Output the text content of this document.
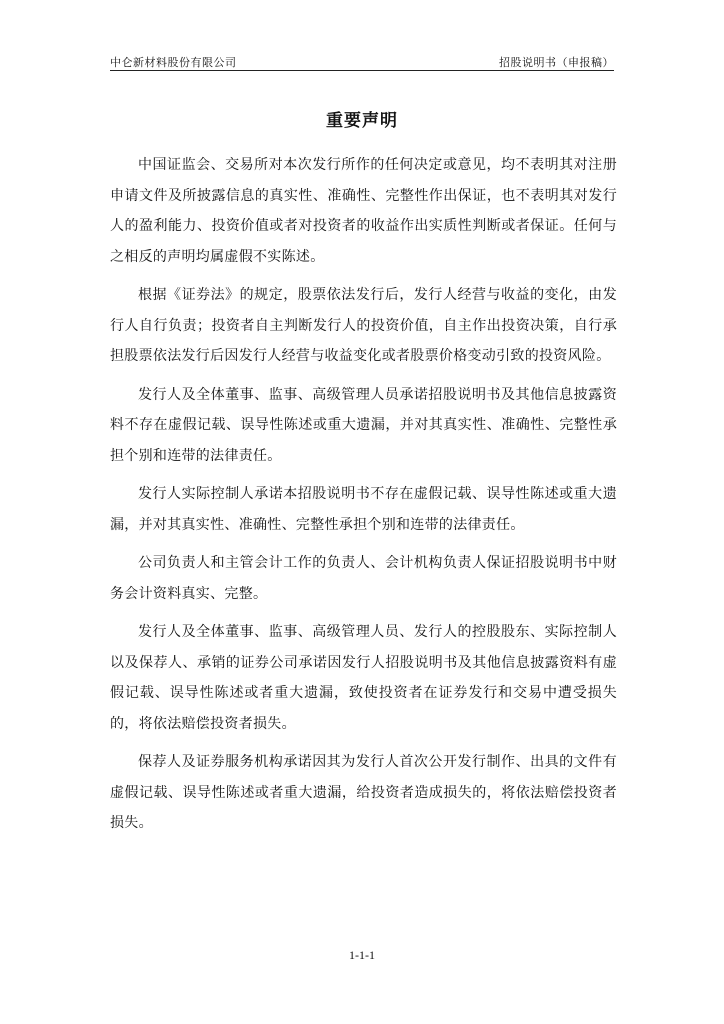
中仑新材料股份有限公司	招股说明书（申报稿）
重要声明

中国证监会、交易所对本次发行所作的任何决定或意见，均不表明其对注册申请文件及所披露信息的真实性、准确性、完整性作出保证，也不表明其对发行人的盈利能力、投资价值或者对投资者的收益作出实质性判断或者保证。任何与之相反的声明均属虚假不实陈述。

根据《证券法》的规定，股票依法发行后，发行人经营与收益的变化，由发行人自行负责；投资者自主判断发行人的投资价值，自主作出投资决策，自行承担股票依法发行后因发行人经营与收益变化或者股票价格变动引致的投资风险。

发行人及全体董事、监事、高级管理人员承诺招股说明书及其他信息披露资料不存在虚假记载、误导性陈述或重大遗漏，并对其真实性、准确性、完整性承担个别和连带的法律责任。

发行人实际控制人承诺本招股说明书不存在虚假记载、误导性陈述或重大遗漏，并对其真实性、准确性、完整性承担个别和连带的法律责任。

公司负责人和主管会计工作的负责人、会计机构负责人保证招股说明书中财务会计资料真实、完整。

发行人及全体董事、监事、高级管理人员、发行人的控股股东、实际控制人以及保荐人、承销的证券公司承诺因发行人招股说明书及其他信息披露资料有虚假记载、误导性陈述或者重大遗漏，致使投资者在证券发行和交易中遭受损失的，将依法赔偿投资者损失。

保荐人及证券服务机构承诺因其为发行人首次公开发行制作、出具的文件有虚假记载、误导性陈述或者重大遗漏，给投资者造成损失的，将依法赔偿投资者损失。

1-1-1
